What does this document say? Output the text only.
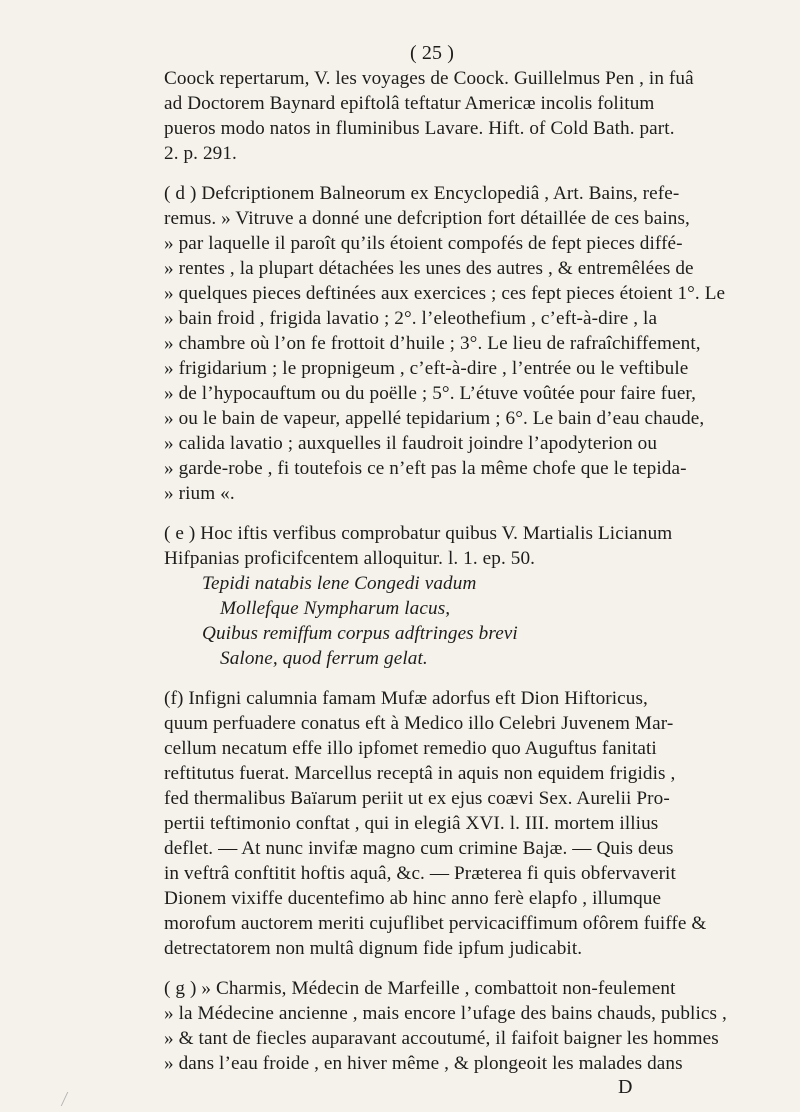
( 25 )
Coock repertarum, V. les voyages de Coock. Guillelmus Pen , in fuâ
ad Doctorem Baynard epiftolâ teftatur Americæ incolis folitum
pueros modo natos in fluminibus Lavare. Hift. of Cold Bath. part.
2. p. 291.
( d ) Defcriptionem Balneorum ex Encyclopediâ , Art. Bains, refe-
remus. » Vitruve a donné une defcription fort détaillée de ces bains,
» par laquelle il paroît qu’ils étoient compofés de fept pieces diffé-
» rentes , la plupart détachées les unes des autres , & entremêlées de
» quelques pieces deftinées aux exercices ; ces fept pieces étoient 1°. Le
» bain froid , frigida lavatio ; 2°. l’eleothefium , c’eft-à-dire , la
» chambre où l’on fe frottoit d’huile ; 3°. Le lieu de rafraîchiffement,
» frigidarium ; le propnigeum , c’eft-à-dire , l’entrée ou le veftibule
» de l’hypocauftum ou du poëlle ; 5°. L’étuve voûtée pour faire fuer,
» ou le bain de vapeur, appellé tepidarium ; 6°. Le bain d’eau chaude,
» calida lavatio ; auxquelles il faudroit joindre l’apodyterion ou
» garde-robe , fi toutefois ce n’eft pas la même chofe que le tepida-
» rium «.
( e ) Hoc iftis verfibus comprobatur quibus V. Martialis Licianum
Hifpanias proficifcentem alloquitur. l. 1. ep. 50.
Tepidi natabis lene Congedi vadum
Mollefque Nympharum lacus,
Quibus remiffum corpus adftringes brevi
Salone, quod ferrum gelat.
(f) Infigni calumnia famam Mufæ adorfus eft Dion Hiftoricus,
quum perfuadere conatus eft à Medico illo Celebri Juvenem Mar-
cellum necatum effe illo ipfomet remedio quo Auguftus fanitati
reftitutus fuerat. Marcellus receptâ in aquis non equidem frigidis ,
fed thermalibus Baïarum periit ut ex ejus coævi Sex. Aurelii Pro-
pertii teftimonio conftat , qui in elegiâ XVI. l. III. mortem illius
deflet. — At nunc invifæ magno cum crimine Bajæ. — Quis deus
in veftrâ conftitit hoftis aquâ, &c. — Præterea fi quis obfervaverit
Dionem vixiffe ducentefimo ab hinc anno ferè elapfo , illumque
morofum auctorem meriti cujuflibet pervicaciffimum ofôrem fuiffe &
detrectatorem non multâ dignum fide ipfum judicabit.
( g ) » Charmis, Médecin de Marfeille , combattoit non-feulement
» la Médecine ancienne , mais encore l’ufage des bains chauds, publics ,
» & tant de fiecles auparavant accoutumé, il faifoit baigner les hommes
» dans l’eau froide , en hiver même , & plongeoit les malades dans
D
